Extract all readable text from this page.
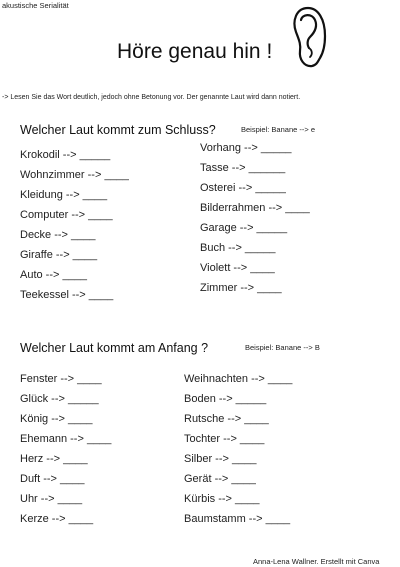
akustische Serialität
Höre genau hin !
-> Lesen Sie das Wort deutlich, jedoch ohne Betonung vor. Der genannte Laut wird dann notiert.
Welcher Laut kommt zum Schluss?	Beispiel: Banane --> e
Krokodil --> _____
Wohnzimmer --> ____
Kleidung --> ____
Computer --> ____
Decke --> ____
Giraffe --> ____
Auto --> ____
Teekessel --> ____
Vorhang --> _____
Tasse --> ______
Osterei --> _____
Bilderrahmen --> ____
Garage --> _____
Buch --> _____
Violett --> ____
Zimmer --> ____
Welcher Laut kommt am Anfang ?	Beispiel: Banane --> B
Fenster --> ____
Glück --> _____
König --> ____
Ehemann --> ____
Herz --> ____
Duft --> ____
Uhr --> ____
Kerze --> ____
Weihnachten --> ____
Boden --> _____
Rutsche --> ____
Tochter --> ____
Silber --> ____
Gerät --> ____
Kürbis --> ____
Baumstamm --> ____
Anna-Lena Wallner. Erstellt mit Canva
